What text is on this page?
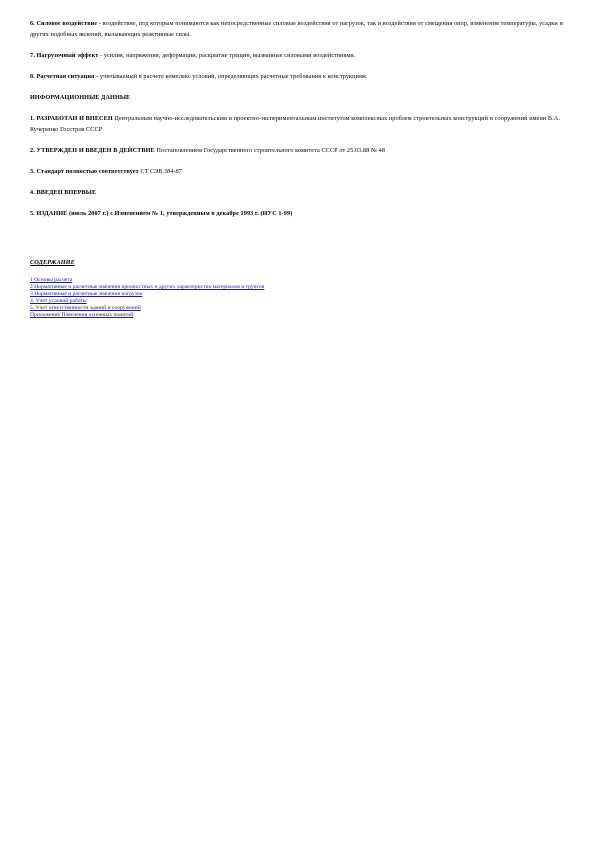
6. Силовое воздействие - воздействие, под которым понимаются как непосредственные силовые воздействия от нагрузок, так и воздействия от смещения опор, изменения температуры, усадки и других подобных явлений, вызывающих реактивные силы.

7. Нагрузочный эффект - усилия, напряжения, деформации, раскрытие трещин, вызванные силовыми воздействиями.

8. Расчетная ситуация - учитываемый в расчете комплекс условий, определяющих расчетные требования к конструкциям.

ИНФОРМАЦИОННЫЕ ДАННЫЕ

1. РАЗРАБОТАН И ВНЕСЕН Центральным научно-исследовательским и проектно-экспериментальным институтом комплексных проблем строительных конструкций и сооружений имени В.А. Кучеренко Госстроя СССР

2. УТВЕРЖДЕН И ВВЕДЕН В ДЕЙСТВИЕ Постановлением Государственного строительного комитета СССР от 25.03.88 № 48

3. Стандарт полностью соответствует СТ СЭВ 384-87

4. ВВЕДЕН ВПЕРВЫЕ

5. ИЗДАНИЕ (июль 2007 г.) с Изменением № 1, утвержденным в декабре 1993 г. (ИУС 1-99)

СОДЕРЖАНИЕ

1 Основы расчета
2 Нормативные и расчетные значения прочностных и других характеристик материалов и грунтов
3 Нормативные и расчетные значения нагрузок
4. Учет условий работы
5. Учет ответственности зданий и сооружений
Приложение Пояснения основных понятий
